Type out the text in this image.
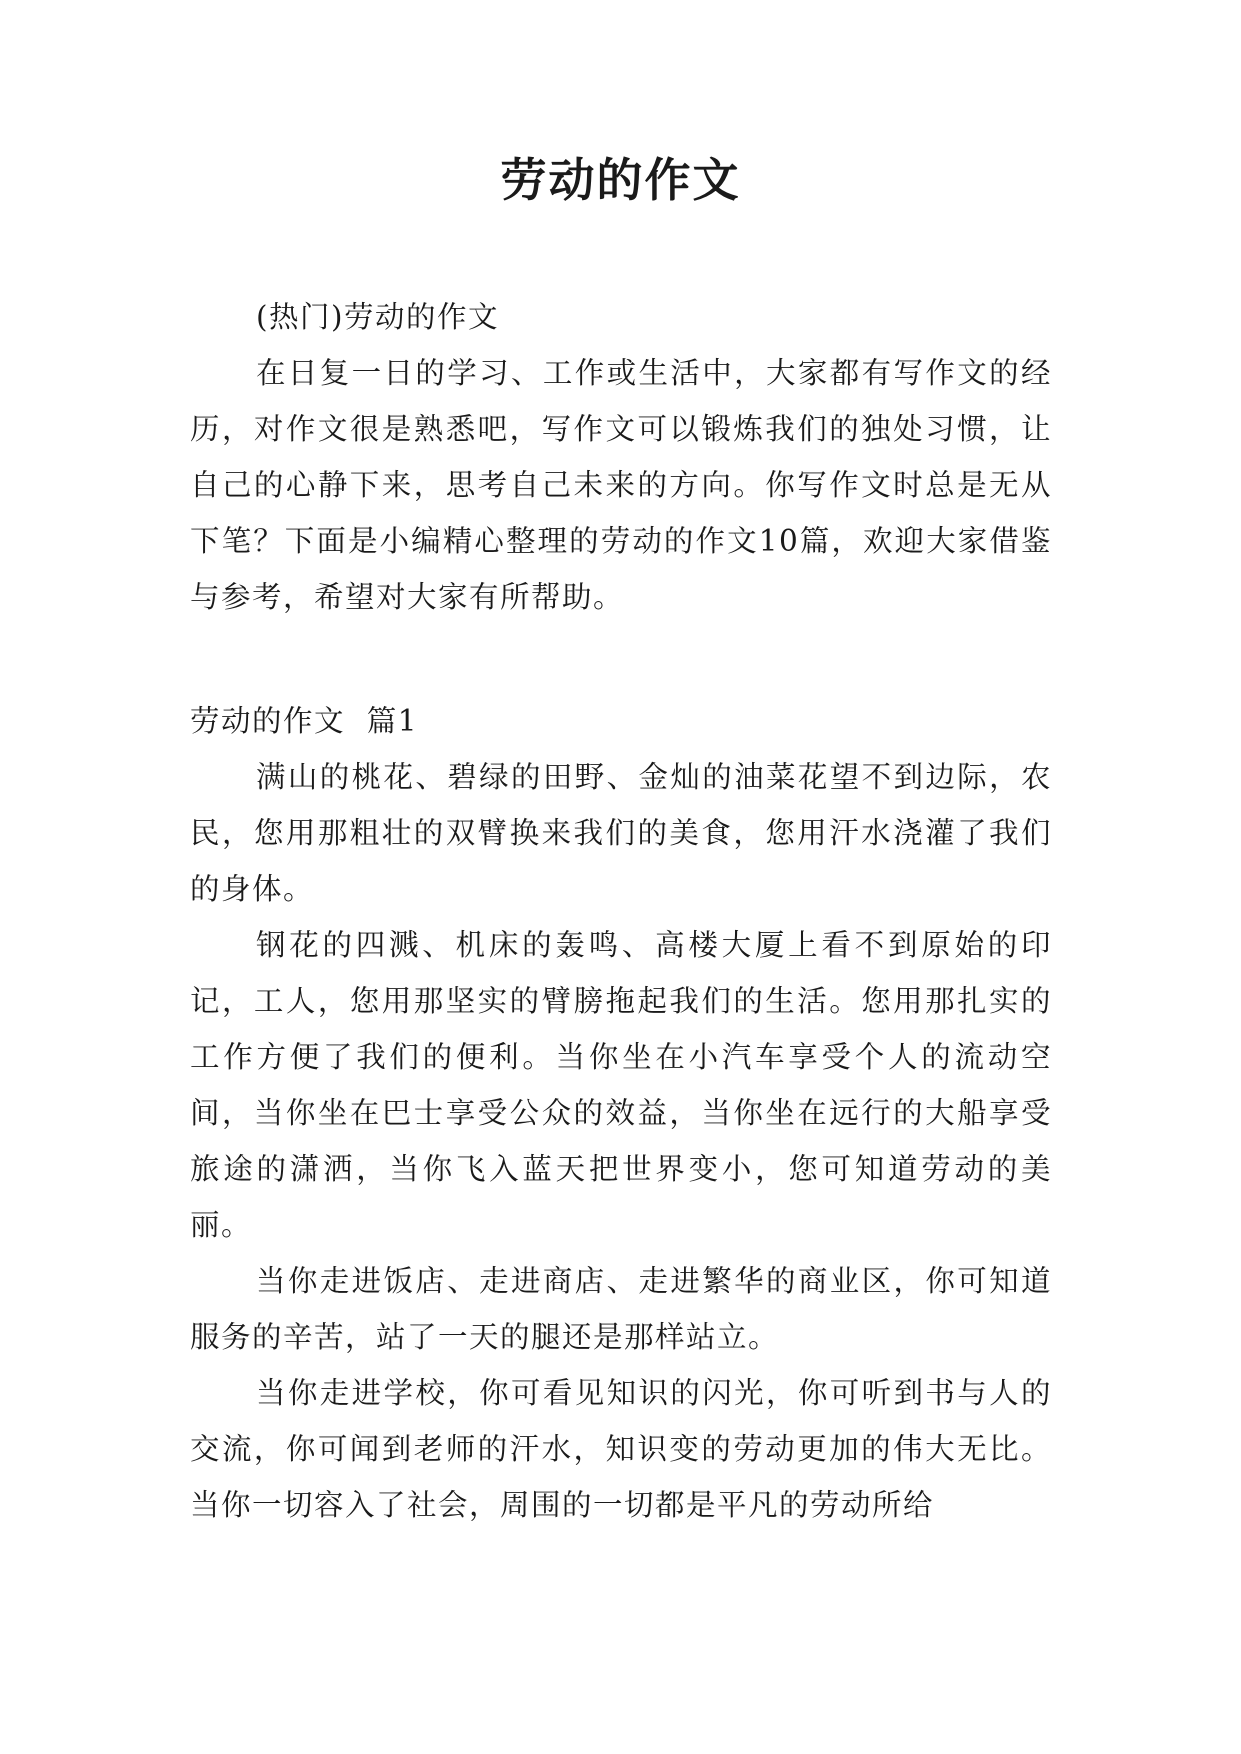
劳动的作文

(热门)劳动的作文

在日复一日的学习、工作或生活中，大家都有写作文的经历，对作文很是熟悉吧，写作文可以锻炼我们的独处习惯，让自己的心静下来，思考自己未来的方向。你写作文时总是无从下笔？下面是小编精心整理的劳动的作文10篇，欢迎大家借鉴与参考，希望对大家有所帮助。

劳动的作文  篇1

满山的桃花、碧绿的田野、金灿的油菜花望不到边际，农民，您用那粗壮的双臂换来我们的美食，您用汗水浇灌了我们的身体。

钢花的四溅、机床的轰鸣、高楼大厦上看不到原始的印记，工人，您用那坚实的臂膀拖起我们的生活。您用那扎实的工作方便了我们的便利。当你坐在小汽车享受个人的流动空间，当你坐在巴士享受公众的效益，当你坐在远行的大船享受旅途的潇洒，当你飞入蓝天把世界变小，您可知道劳动的美丽。

当你走进饭店、走进商店、走进繁华的商业区，你可知道服务的辛苦，站了一天的腿还是那样站立。

当你走进学校，你可看见知识的闪光，你可听到书与人的交流，你可闻到老师的汗水，知识变的劳动更加的伟大无比。当你一切容入了社会，周围的一切都是平凡的劳动所给
